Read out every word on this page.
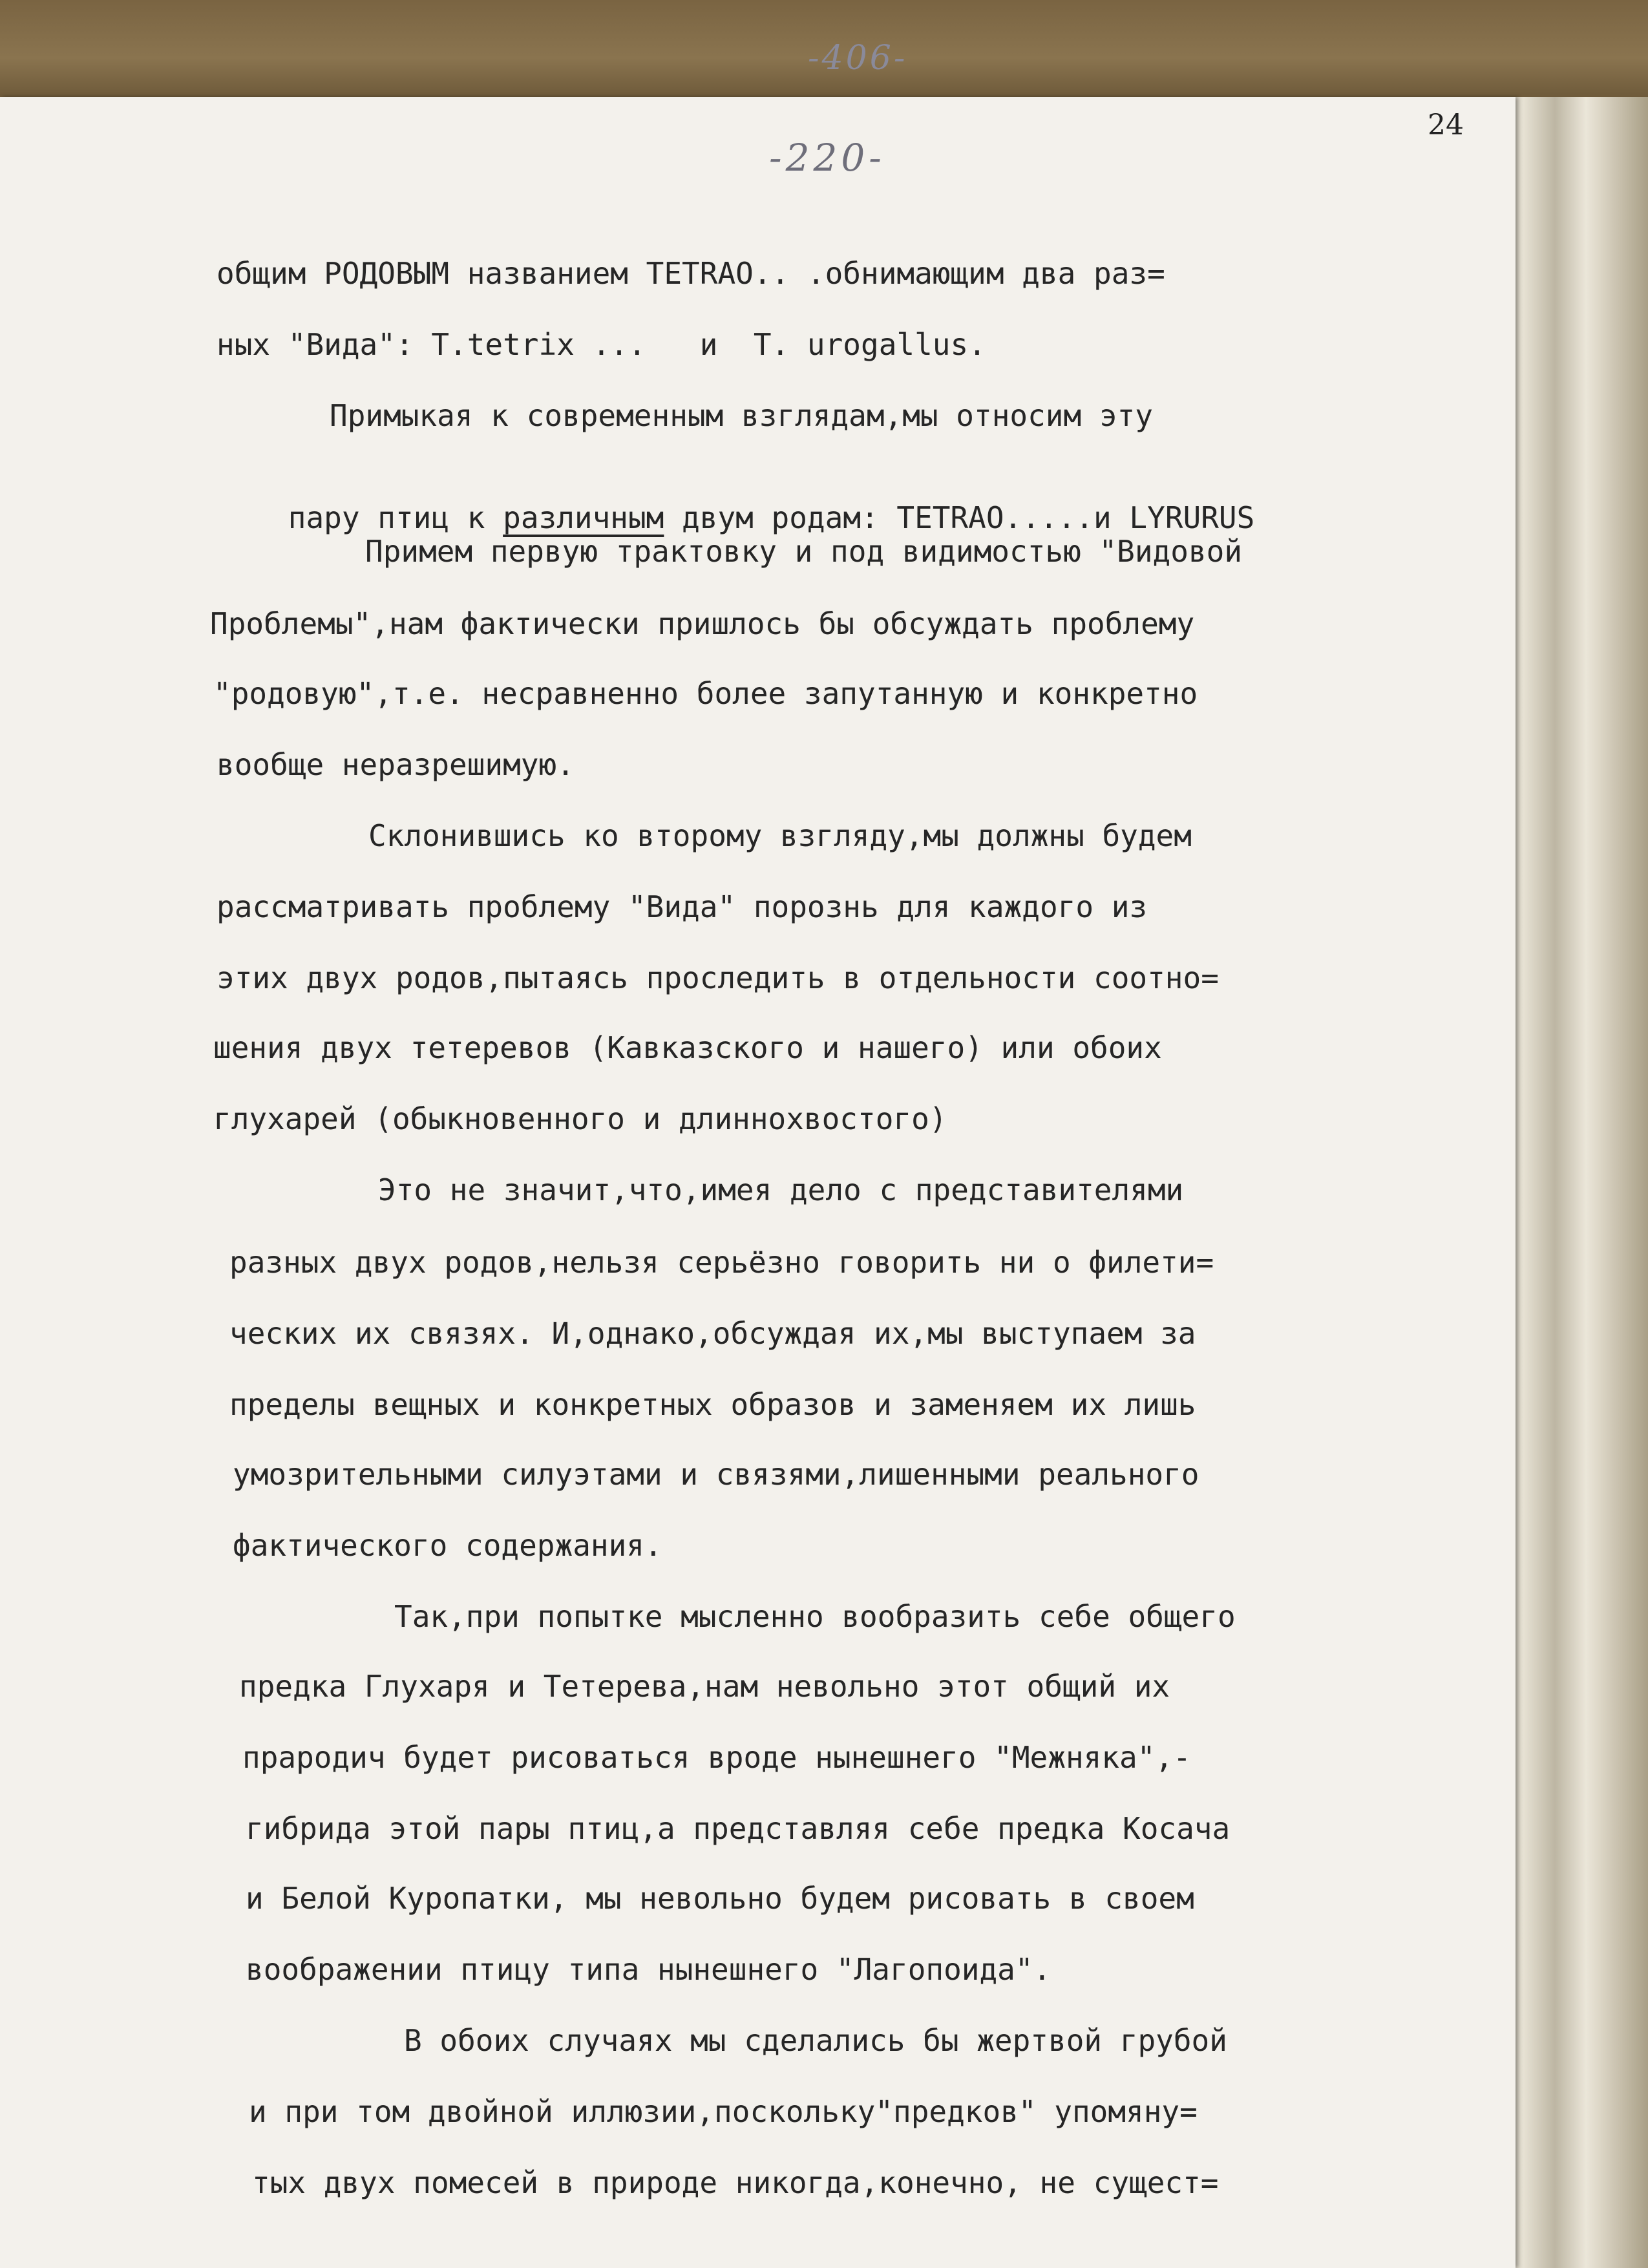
-406-
24
-220-
общим РОДОВЫМ названием TETRAO.. .обнимающим два раз=
ных "Вида": T.tetrix ...   и  T. urogallus.
Примыкая к современным взглядам,мы относим эту

пару птиц к различным двум родам: TETRAO.....и LYRURUS

Примем первую трактовку и под видимостью "Видовой
Проблемы",нам фактически пришлось бы обсуждать проблему
"родовую",т.е. несравненно более запутанную и конкретно
вообще неразрешимую.
Склонившись ко второму взгляду,мы должны будем
рассматривать проблему "Вида" порознь для каждого из
этих двух родов,пытаясь проследить в отдельности соотно=
шения двух тетеревов (Кавказского и нашего) или обоих
глухарей (обыкновенного и длиннохвостого)
Это не значит,что,имея дело с представителями
разных двух родов,нельзя серьёзно говорить ни о филети=
ческих их связях. И,однако,обсуждая их,мы выступаем за
пределы вещных и конкретных образов и заменяем их лишь
умозрительными силуэтами и связями,лишенными реального
фактического содержания.
Так,при попытке мысленно вообразить себе общего
предка Глухаря и Тетерева,нам невольно этот общий их
прародич будет рисоваться вроде нынешнего "Межняка",-
гибрида этой пары птиц,а представляя себе предка Косача
и Белой Куропатки, мы невольно будем рисовать в своем
воображении птицу типа нынешнего "Лагопоида".
В обоих случаях мы сделались бы жертвой грубой
и при том двойной иллюзии,поскольку"предков" упомяну=
тых двух помесей в природе никогда,конечно, не сущест=
